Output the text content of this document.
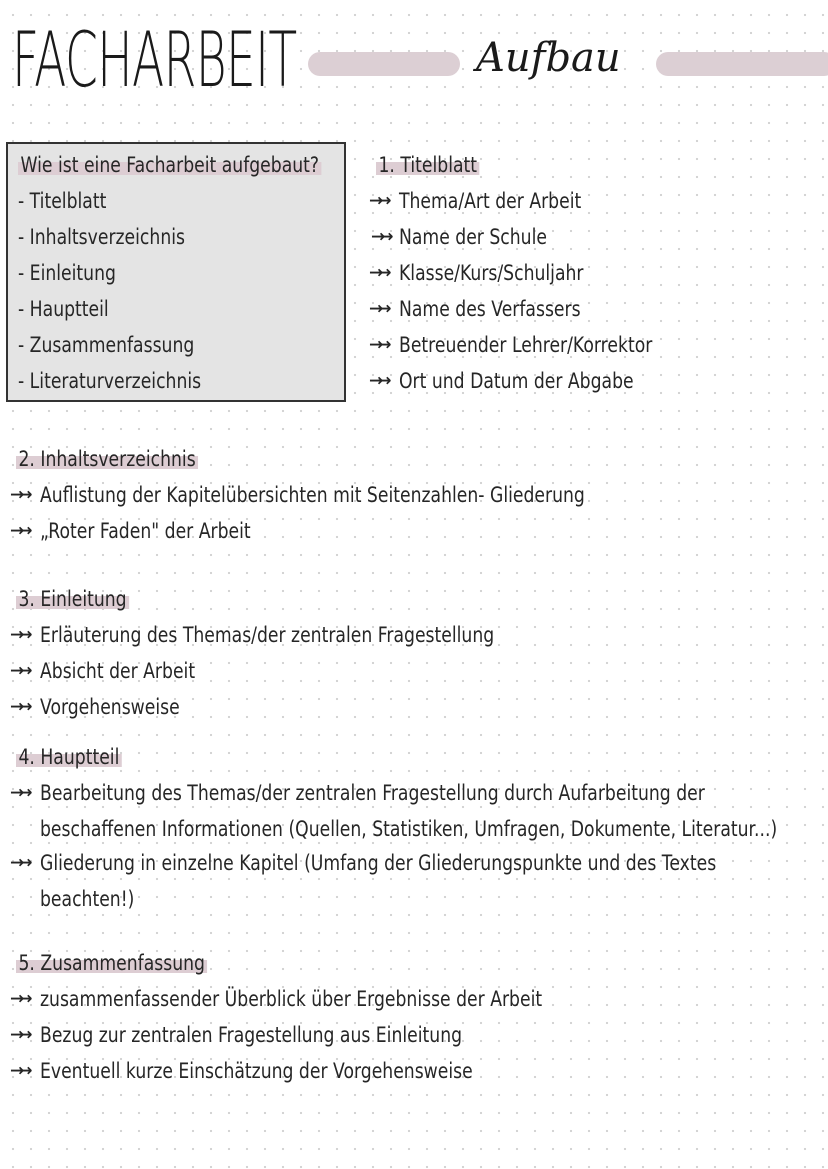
FACHARBEIT	Aufbau
Wie ist eine Facharbeit aufgebaut?
- Titelblatt
- Inhaltsverzeichnis
- Einleitung
- Hauptteil
- Zusammenfassung
- Literaturverzeichnis
1. Titelblatt
→→ Thema/Art der Arbeit
→→ Name der Schule
→→ Klasse/Kurs/Schuljahr
→→ Name des Verfassers
→→ Betreuender Lehrer/Korrektor
→→ Ort und Datum der Abgabe
2. Inhaltsverzeichnis
→→ Auflistung der Kapitelübersichten mit Seitenzahlen- Gliederung
→→ „Roter Faden" der Arbeit
3. Einleitung
→→ Erläuterung des Themas/der zentralen Fragestellung
→→ Absicht der Arbeit
→→ Vorgehensweise
4. Hauptteil
→→ Bearbeitung des Themas/der zentralen Fragestellung durch Aufarbeitung der
beschaffenen Informationen (Quellen, Statistiken, Umfragen, Dokumente, Literatur...)
→→ Gliederung in einzelne Kapitel (Umfang der Gliederungspunkte und des Textes
beachten!)
5. Zusammenfassung
→→ zusammenfassender Überblick über Ergebnisse der Arbeit
→→ Bezug zur zentralen Fragestellung aus Einleitung
→→ Eventuell kurze Einschätzung der Vorgehensweise
